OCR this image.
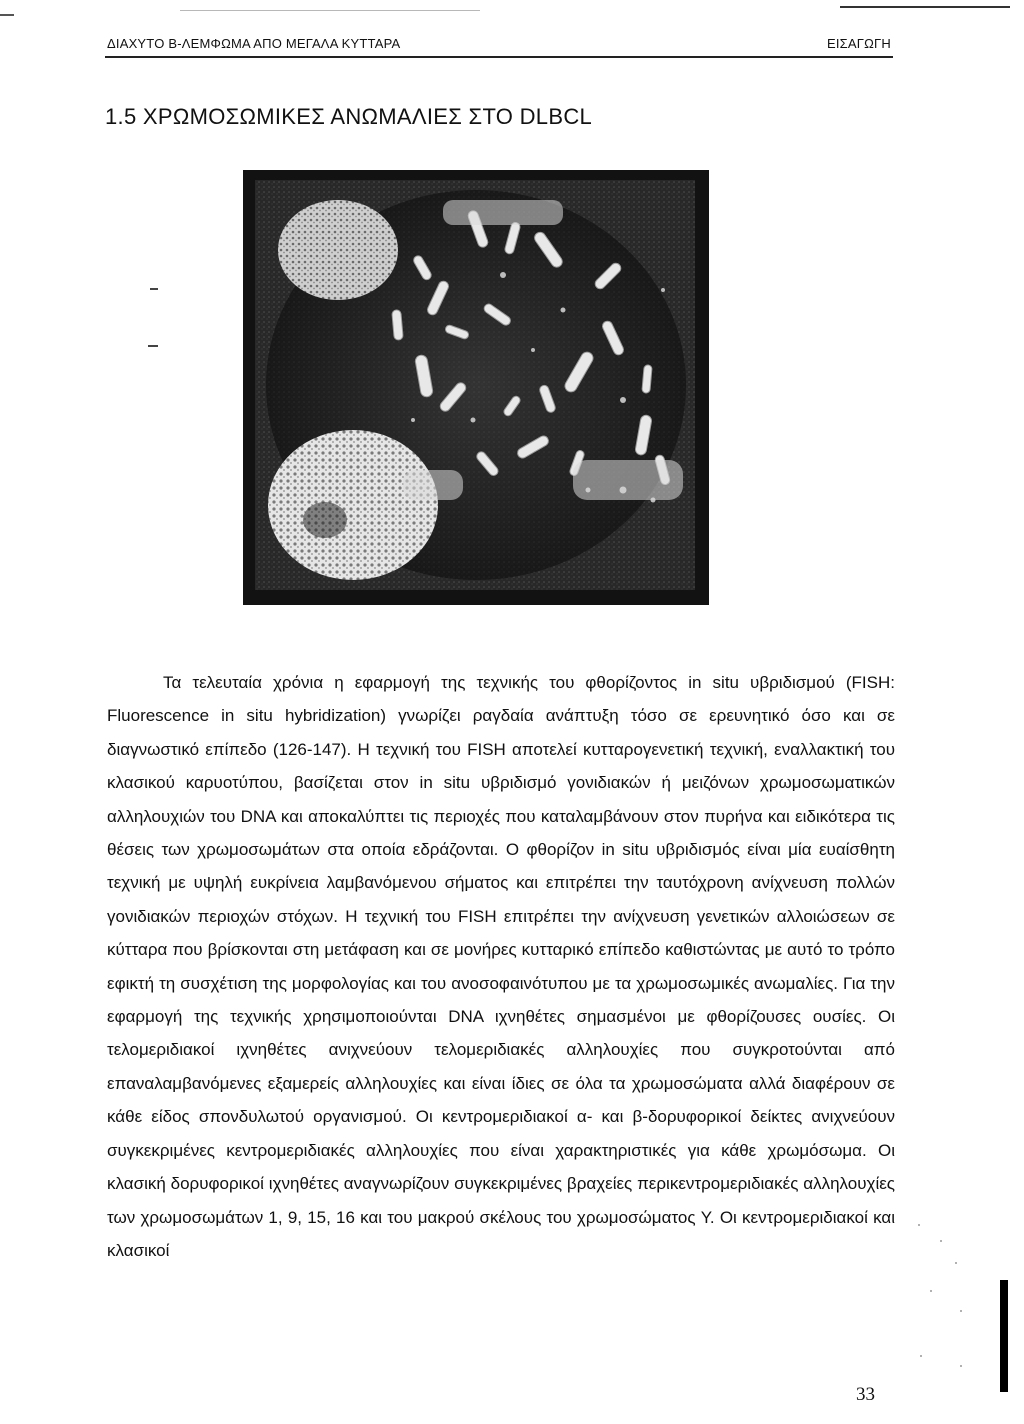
ΔΙΑΧΥΤΟ Β-ΛΕΜΦΩΜΑ ΑΠΟ ΜΕΓΑΛΑ ΚΥΤΤΑΡΑ	ΕΙΣΑΓΩΓΗ
1.5 ΧΡΩΜΟΣΩΜΙΚΕΣ ΑΝΩΜΑΛΙΕΣ ΣΤΟ DLBCL

Τα τελευταία χρόνια η εφαρμογή της τεχνικής του φθορίζοντος in situ υβριδισμού (FISH: Fluorescence in situ hybridization) γνωρίζει ραγδαία ανάπτυξη τόσο σε ερευνητικό όσο και σε διαγνωστικό επίπεδο (126-147). Η τεχνική του FISH αποτελεί κυτταρογενετική τεχνική, εναλλακτική του κλασικού καρυοτύπου, βασίζεται στον in situ υβριδισμό γονιδιακών ή μειζόνων χρωμοσωματικών αλληλουχιών του DNA και αποκαλύπτει τις περιοχές που καταλαμβάνουν στον πυρήνα και ειδικότερα τις θέσεις των χρωμοσωμάτων στα οποία εδράζονται. Ο φθορίζον in situ υβριδισμός είναι μία ευαίσθητη τεχνική με υψηλή ευκρίνεια λαμβανόμενου σήματος και επιτρέπει την ταυτόχρονη ανίχνευση πολλών γονιδιακών περιοχών στόχων. Η τεχνική του FISH επιτρέπει την ανίχνευση γενετικών αλλοιώσεων σε κύτταρα που βρίσκονται στη μετάφαση και σε μονήρες κυτταρικό επίπεδο καθιστώντας με αυτό το τρόπο εφικτή τη συσχέτιση της μορφολογίας και του ανοσοφαινότυπου με τα χρωμοσωμικές ανωμαλίες. Για την εφαρμογή της τεχνικής χρησιμοποιούνται DNA ιχνηθέτες σημασμένοι με φθορίζουσες ουσίες. Οι τελομεριδιακοί ιχνηθέτες ανιχνεύουν τελομεριδιακές αλληλουχίες που συγκροτούνται από επαναλαμβανόμενες εξαμερείς αλληλουχίες και είναι ίδιες σε όλα τα χρωμοσώματα αλλά διαφέρουν σε κάθε είδος σπονδυλωτού οργανισμού. Οι κεντρομεριδιακοί α- και β-δορυφορικοί δείκτες ανιχνεύουν συγκεκριμένες κεντρομεριδιακές αλληλουχίες που είναι χαρακτηριστικές για κάθε χρωμόσωμα. Οι κλασική δορυφορικοί ιχνηθέτες αναγνωρίζουν συγκεκριμένες βραχείες περικεντρομεριδιακές αλληλουχίες των χρωμοσωμάτων 1, 9, 15, 16 και του μακρού σκέλους του χρωμοσώματος Y. Οι κεντρομεριδιακοί και κλασικοί

33
